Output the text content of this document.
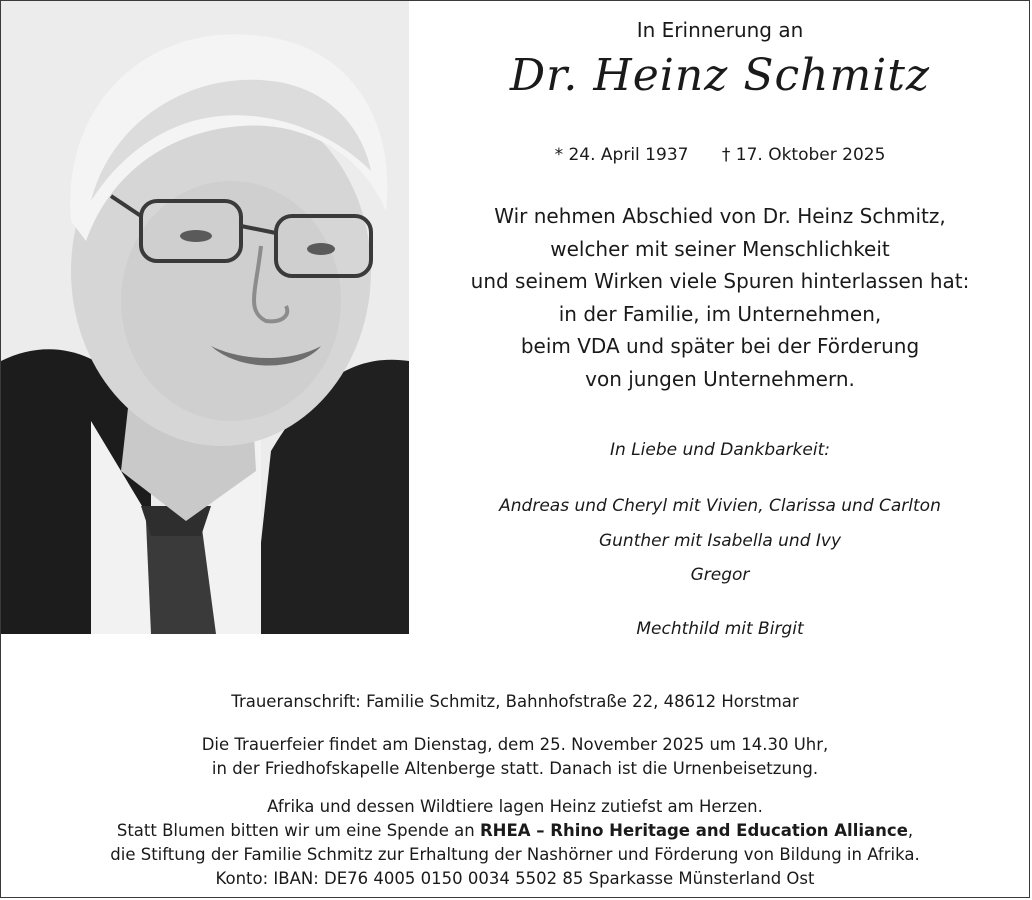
In Erinnerung an
Dr. Heinz Schmitz
* 24. April 1937 † 17. Oktober 2025
Wir nehmen Abschied von Dr. Heinz Schmitz,
welcher mit seiner Menschlichkeit
und seinem Wirken viele Spuren hinterlassen hat:
in der Familie, im Unternehmen,
beim VDA und später bei der Förderung
von jungen Unternehmern.
In Liebe und Dankbarkeit:
Andreas und Cheryl mit Vivien, Clarissa und Carlton
Gunther mit Isabella und Ivy
Gregor
Mechthild mit Birgit
Traueranschrift: Familie Schmitz, Bahnhofstraße 22, 48612 Horstmar
Die Trauerfeier findet am Dienstag, dem 25. November 2025 um 14.30 Uhr,
in der Friedhofskapelle Altenberge statt. Danach ist die Urnenbeisetzung.
Afrika und dessen Wildtiere lagen Heinz zutiefst am Herzen.
Statt Blumen bitten wir um eine Spende an RHEA – Rhino Heritage and Education Alliance,
die Stiftung der Familie Schmitz zur Erhaltung der Nashörner und Förderung von Bildung in Afrika.
Konto: IBAN: DE76 4005 0150 0034 5502 85 Sparkasse Münsterland Ost
